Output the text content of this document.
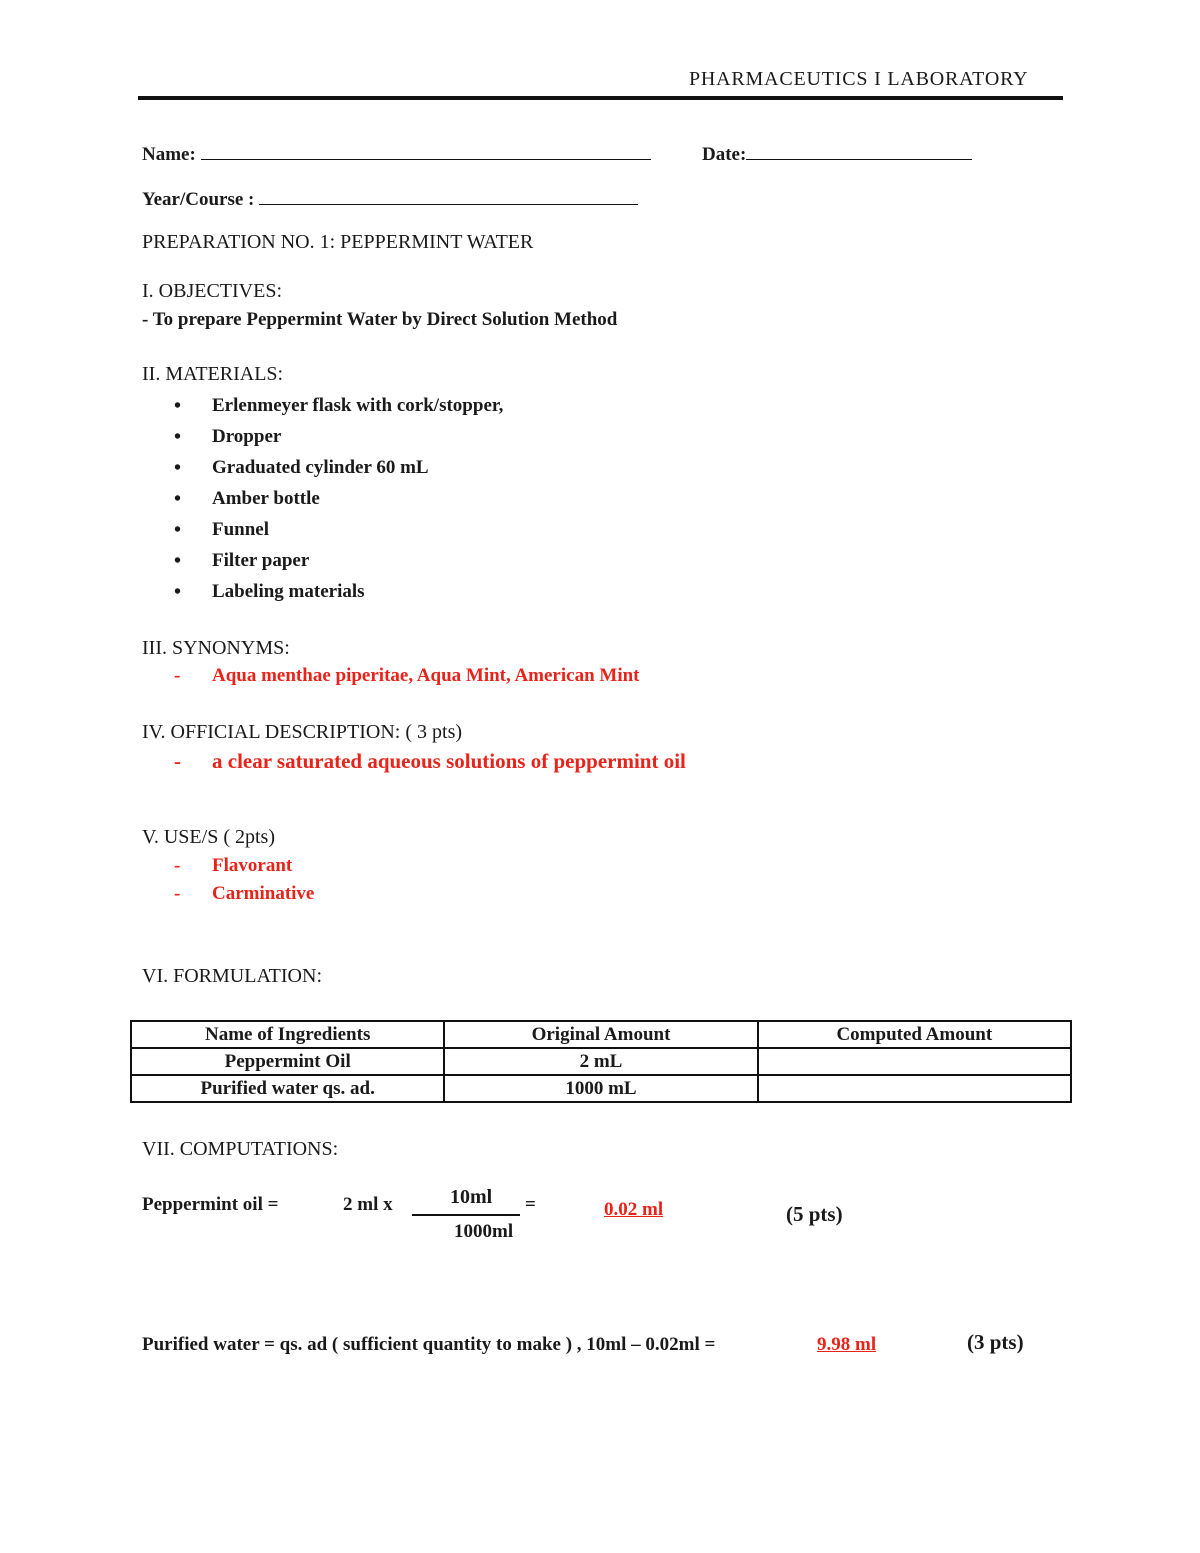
PHARMACEUTICS I LABORATORY
Name:	Date:
Year/Course :
PREPARATION NO. 1: PEPPERMINT WATER
I. OBJECTIVES:
- To prepare Peppermint Water by Direct Solution Method
II. MATERIALS:
• Erlenmeyer flask with cork/stopper,
• Dropper
• Graduated cylinder 60 mL
• Amber bottle
• Funnel
• Filter paper
• Labeling materials
III. SYNONYMS:
- Aqua menthae piperitae, Aqua Mint, American Mint
IV. OFFICIAL DESCRIPTION: ( 3 pts)
- a clear saturated aqueous solutions of peppermint oil
V. USE/S ( 2pts)
- Flavorant
- Carminative
VI. FORMULATION:
Name of Ingredients	Original Amount	Computed Amount
Peppermint Oil	2 mL	
Purified water qs. ad.	1000 mL	
VII. COMPUTATIONS:
Peppermint oil =	2 ml x	10ml
1000ml
=	0.02 ml	(5 pts)
Purified water = qs. ad ( sufficient quantity to make ) , 10ml – 0.02ml =	9.98 ml	(3 pts)
